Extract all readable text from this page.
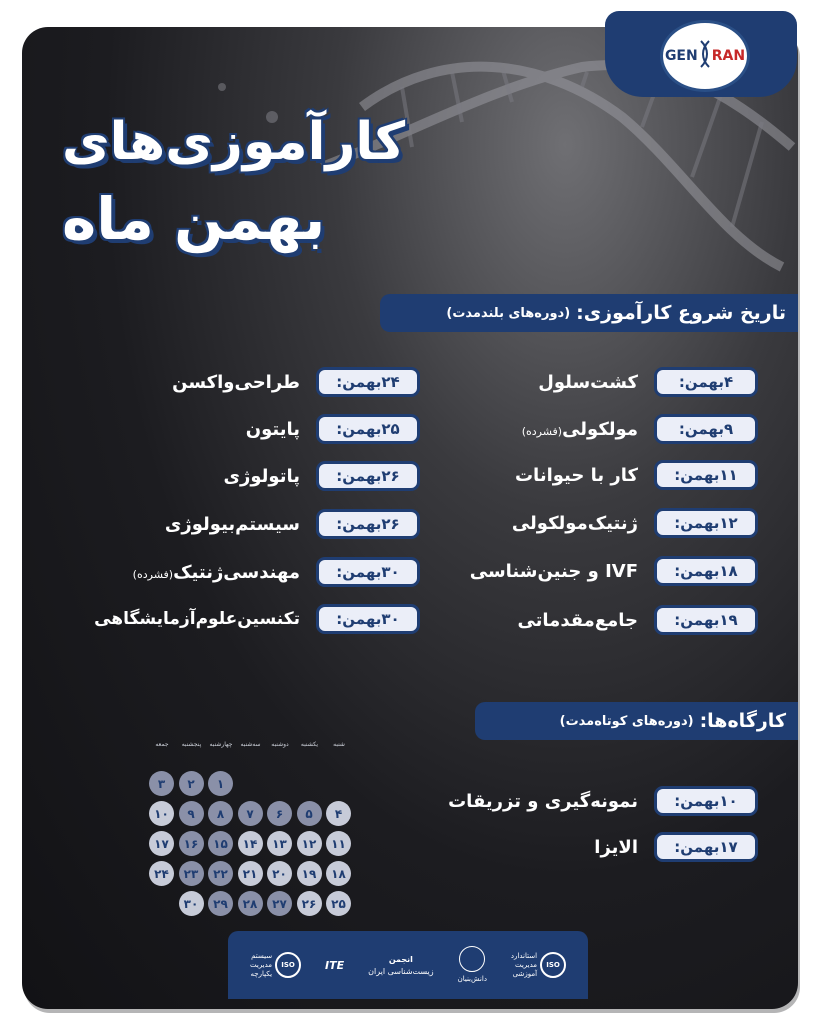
GEN RAN
کارآموزی‌های
بهمن ماه
تاریخ شروع کارآموزی:
(دوره‌های بلندمدت)
۴بهمن:
کشت‌سلول
۹بهمن:
مولکولی(فشرده)
۱۱بهمن:
کار با حیوانات
۱۲بهمن:
ژنتیک‌مولکولی
۱۸بهمن:
IVF و جنین‌شناسی
۱۹بهمن:
جامع‌مقدماتی
۲۴بهمن:
طراحی‌واکسن
۲۵بهمن:
پایتون
۲۶بهمن:
پاتولوژی
۲۶بهمن:
سیستم‌بیولوژی
۳۰بهمن:
مهندسی‌ژنتیک(فشرده)
۳۰بهمن:
تکنسین‌علوم‌آزمایشگاهی
کارگاه‌ها:
(دوره‌های کوتاه‌مدت)
۱۰بهمن:
نمونه‌گیری و تزریقات
۱۷بهمن:
الایزا
شنبه
یکشنبه
دوشنبه
سه‌شنبه
چهارشنبه
پنجشنبه
جمعه
۱
۲
۳
۴
۵
۶
۷
۸
۹
۱۰
۱۱
۱۲
۱۳
۱۴
۱۵
۱۶
۱۷
۱۸
۱۹
۲۰
۲۱
۲۲
۲۳
۲۴
۲۵
۲۶
۲۷
۲۸
۲۹
۳۰
ISO
استاندارد
مدیریت
آموزشی
دانش‌بنیان
انجمن
زیست‌شناسی ایران
ITE
ISO
سیستم
مدیریت
یکپارچه
